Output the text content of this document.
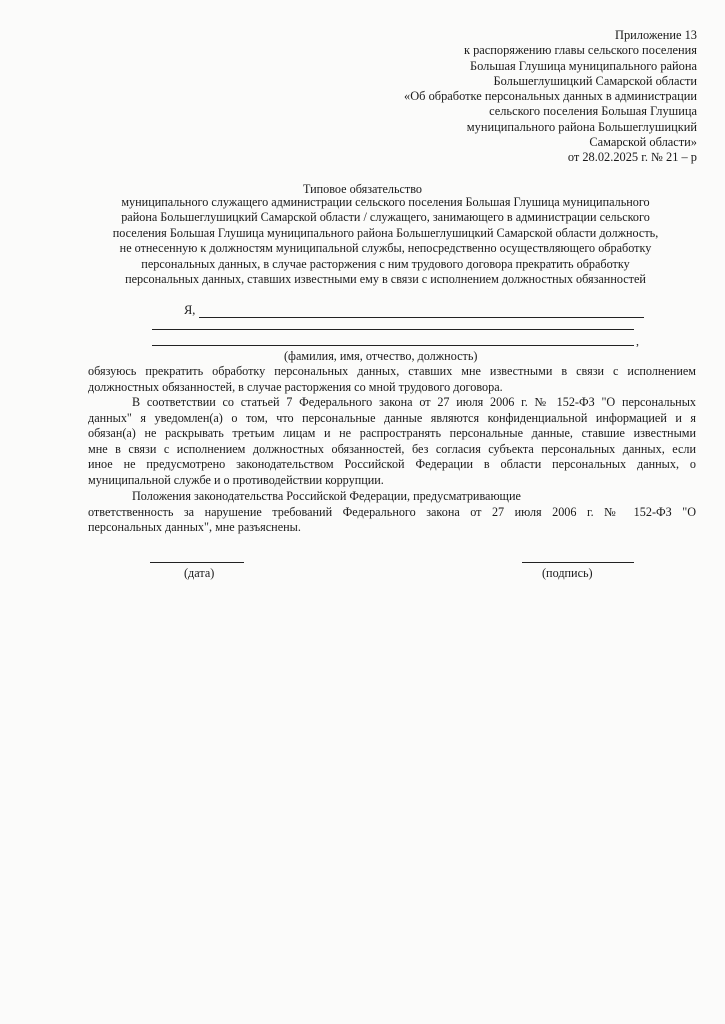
Приложение 13
к распоряжению главы сельского поселения
Большая Глушица муниципального района
Большеглушицкий Самарской области
«Об обработке персональных данных в администрации
сельского поселения Большая Глушица
муниципального района Большеглушицкий
Самарской области»
от 28.02.2025 г. № 21 – р
Типовое обязательство
муниципального служащего администрации сельского поселения Большая Глушица муниципального
района Большеглушицкий Самарской области / служащего, занимающего в администрации сельского
поселения Большая Глушица муниципального района Большеглушицкий Самарской области должность,
не отнесенную к должностям муниципальной службы, непосредственно осуществляющего обработку
персональных данных, в случае расторжения с ним трудового договора прекратить обработку
персональных данных, ставших известными ему в связи с исполнением должностных обязанностей
Я,
,
(фамилия, имя, отчество, должность)
обязуюсь прекратить обработку персональных данных, ставших мне известными в связи с исполнением
должностных обязанностей, в случае расторжения со мной трудового договора.
В соответствии со статьей 7 Федерального закона от 27 июля 2006 г. № 152-ФЗ "О персональных
данных" я уведомлен(а) о том, что персональные данные являются конфиденциальной информацией и я
обязан(а) не раскрывать третьим лицам и не распространять персональные данные, ставшие известными
мне в связи с исполнением должностных обязанностей, без согласия субъекта персональных данных, если
иное не предусмотрено законодательством Российской Федерации в области персональных данных, о
муниципальной службе и о противодействии коррупции.
Положения законодательства Российской Федерации, предусматривающие
ответственность за нарушение требований Федерального закона от 27 июля 2006 г. № 152-ФЗ "О
персональных данных", мне разъяснены.
(дата)	(подпись)
